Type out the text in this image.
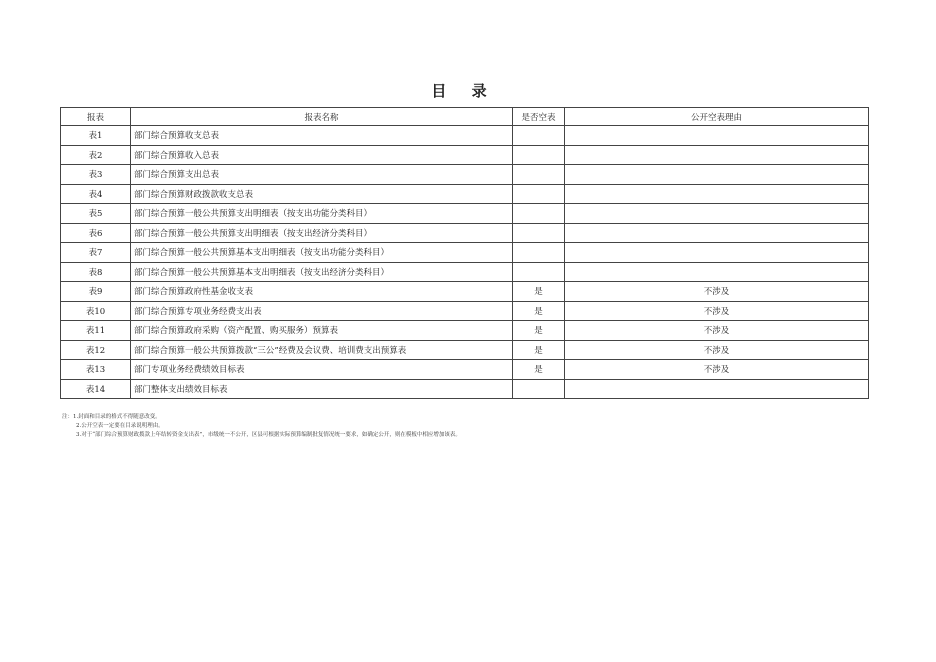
目 录
报表	报表名称	是否空表	公开空表理由
表1	部门综合预算收支总表		
表2	部门综合预算收入总表		
表3	部门综合预算支出总表		
表4	部门综合预算财政拨款收支总表		
表5	部门综合预算一般公共预算支出明细表（按支出功能分类科目）		
表6	部门综合预算一般公共预算支出明细表（按支出经济分类科目）		
表7	部门综合预算一般公共预算基本支出明细表（按支出功能分类科目）		
表8	部门综合预算一般公共预算基本支出明细表（按支出经济分类科目）		
表9	部门综合预算政府性基金收支表	是	不涉及
表10	部门综合预算专项业务经费支出表	是	不涉及
表11	部门综合预算政府采购（资产配置、购买服务）预算表	是	不涉及
表12	部门综合预算一般公共预算拨款“三公”经费及会议费、培训费支出预算表	是	不涉及
表13	部门专项业务经费绩效目标表	是	不涉及
表14	部门整体支出绩效目标表		
注：1.封面和目录的格式不得随意改变。
2.公开空表一定要在目录说明理由。
3.对于“部门综合预算财政拨款上年结转资金支出表”，市级统一不公开，区县可根据实际预算编制批复情况统一要求，如确定公开，则在模板中相应增加该表。
